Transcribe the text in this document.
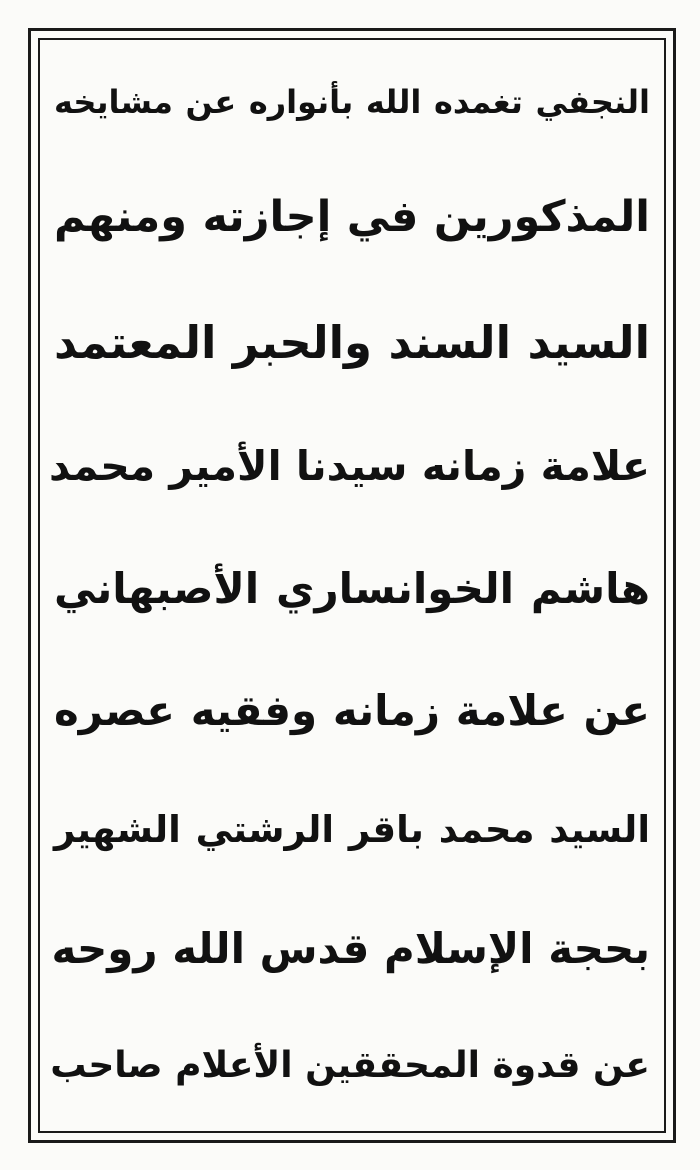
النجفي تغمده الله بأنواره عن مشايخه
المذكورين في إجازته ومنهم
السيد السند والحبر المعتمد
علامة زمانه سيدنا الأمير محمد
هاشم الخوانساري الأصبهاني
عن علامة زمانه وفقيه عصره
السيد محمد باقر الرشتي الشهير
بحجة الإسلام قدس الله روحه
عن قدوة المحققين الأعلام صاحب
